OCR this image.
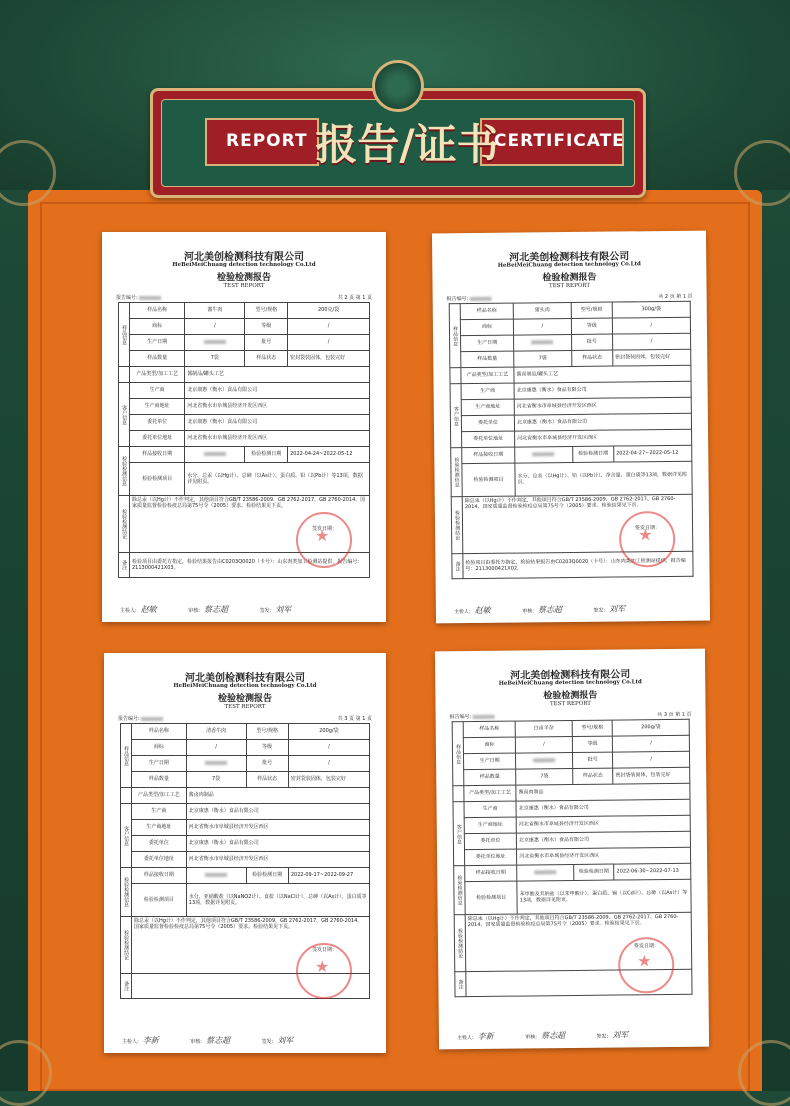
REPORT	CERTIFICATE
报告/证书
河北美创检测科技有限公司
HeBeiMeiChuang detection technology Co.Ltd
检验检测报告
TEST REPORT
报告编号:	共 2 页 第 1 页
样品信息	样品名称	酱牛肉	型号/规格	200克/袋
	商标	/	等级	/
	生产日期		批号	/
	样品数量	7袋	样品状态	密封袋装固体，包装完好
	产品类型/加工工艺	酱制品/罐头工艺		
客户信息	生产商	北京康惠（衡水）食品有限公司		
	生产商地址	河北省衡水市阜城县经济开发区西区		
	委托单位	北京康惠（衡水）食品有限公司		
	委托单位地址	河北省衡水市阜城县经济开发区西区		
检验检测信息	样品接收日期		检验检测日期	2022-04-24~2022-05-12
	检验检测项目	水分、总汞（以Hg计）、总砷（以As计）、蛋白质、铅（以Pb计）等13项，数据详见附页。		
检验检测结论	除总汞（以Hg计）不作判定，其他项目符合GB/T 23586-2009、GB 2762-2017、GB 2760-2014、国家质量监督检验检疫总局第75号令（2005）要求。检验结果见下页。
签发日期：			

备注	检验项目由委托方指定，检验结果报告由C0203Q0020（卡号）：山东肉类加工检测站提供，报告编号：2113000421X03。			
★
主检人: 赵敏	审核: 蔡志超	签发: 刘军
河北美创检测科技有限公司
HeBeiMeiChuang detection technology Co.Ltd
检验检测报告
TEST REPORT
报告编号:	共 2 页 第 1 页
样品信息	样品名称	猪头肉	型号/规格	300g/袋
	商标	/	等级	/
	生产日期		批号	/
	样品数量	7袋	样品状态	密封袋装固体，包装完好
	产品类型/加工工艺	酱卤制品/罐头工艺		
客户信息	生产商	北京康惠（衡水）食品有限公司		
	生产商地址	河北省衡水市阜城县经济开发区西区		
	委托单位	北京康惠（衡水）食品有限公司		
	委托单位地址	河北省衡水市阜城县经济开发区西区		
检验检测信息	样品接收日期		检验检测日期	2022-04-27~2022-05-12
	检验检测项目	水分、总汞（以Hg计）、铅（以Pb计）、净含量、蛋白质等13项，数据详见附页。		
检验检测结论	除总汞（以Hg计）不作判定，其他项目符合GB/T 23586-2009、GB 2762-2017、GB 2760-2014、国家质量监督检验检疫总局第75号令（2005）要求。检验结果见下页。
签发日期：			

备注	检验项目由委托方指定，检验结果报告由C0203Q0020（卡号）：山东肉类加工检测站提供，报告编号：2113000421X02。			
★
主检人: 赵敏	审核: 蔡志超	签发: 刘军
河北美创检测科技有限公司
HeBeiMeiChuang detection technology Co.Ltd
检验检测报告
TEST REPORT
报告编号:	共 3 页 第 1 页
样品信息	样品名称	清香牛肉	型号/规格	200g/袋
	商标	/	等级	/
	生产日期		批号	/
	样品数量	7袋	样品状态	密封袋装固体，包装完好
	产品类型/加工工艺	酱卤肉制品		
客户信息	生产商	北京康惠（衡水）食品有限公司		
	生产商地址	河北省衡水市阜城县经济开发区西区		
	委托单位	北京康惠（衡水）食品有限公司		
	委托单位地址	河北省衡水市阜城县经济开发区西区		
检验检测信息	样品接收日期		检验检测日期	2022-09-17~2022-09-27
	检验检测项目	水分、亚硝酸盐（以NaNO2计）、食盐（以NaCl计）、总砷（以As计）、蛋白质等13项，数据详见附页。		
检验检测结论	除总汞（以Hg计）不作判定，其他项目符合GB/T 23586-2009、GB 2762-2017、GB 2760-2014、国家质量监督检验检疫总局第75号令（2005）要求。检验结果见下页。
签发日期：			

备注				
★
主检人: 李新	审核: 蔡志超	签发: 刘军
河北美创检测科技有限公司
HeBeiMeiChuang detection technology Co.Ltd
检验检测报告
TEST REPORT
报告编号:	共 3 页 第 1 页
样品信息	样品名称	白卤羊杂	型号/规格	200g/袋
	商标	/	等级	/
	生产日期		批号	/
	样品数量	7袋	样品状态	密封袋装固体，包装完好
	产品类型/加工工艺	酱卤肉制品		
客户信息	生产商	北京康惠（衡水）食品有限公司		
	生产商地址	河北省衡水市阜城县经济开发区西区		
	委托单位	北京康惠（衡水）食品有限公司		
	委托单位地址	河北省衡水市阜城县经济开发区西区		
检验检测信息	样品接收日期		检验检测日期	2022-06-30~2022-07-13
	检验检测项目	苯甲酸及其钠盐（以苯甲酸计）、蛋白质、镉（以Cd计）、总砷（以As计）等13项，数据详见附页。		
检验检测结论	除总汞（以Hg计）不作判定，其他项目符合GB/T 23586-2009、GB 2762-2017、GB 2760-2014、国家质量监督检验检疫总局第75号令（2005）要求。检验结果见下页。
签发日期：			

备注				
★
主检人: 李新	审核: 蔡志超	签发: 刘军
